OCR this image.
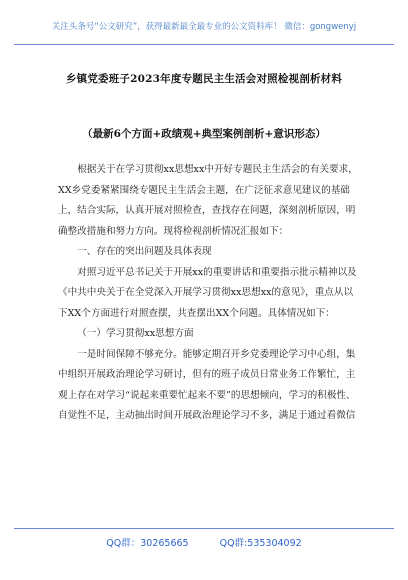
关注头条号“公文研究”，获得最新最全最专业的公文资料库！ 微信：gongwenyj
乡镇党委班子2023年度专题民主生活会对照检视剖析材料
（最新6个方面+政绩观+典型案例剖析+意识形态）

根据关于在学习贯彻xx思想xx中开好专题民主生活会的有关要求，XX乡党委紧紧围绕专题民主生活会主题，在广泛征求意见建议的基础上，结合实际，认真开展对照检查，查找存在问题，深刻剖析原因，明确整改措施和努力方向。现将检视剖析情况汇报如下：

一、存在的突出问题及具体表现

对照习近平总书记关于开展xx的重要讲话和重要指示批示精神以及《中共中央关于在全党深入开展学习贯彻xx思想xx的意见》，重点从以下XX个方面进行对照查摆，共查摆出XX个问题。具体情况如下：

（一）学习贯彻xx思想方面

一是时间保障不够充分。能够定期召开乡党委理论学习中心组，集中组织开展政治理论学习研讨，但有的班子成员日常业务工作繁忙，主观上存在对学习“说起来重要忙起来不要”的思想倾向，学习的积极性、自觉性不足，主动抽出时间开展政治理论学习不多，满足于通过看微信

QQ群：30265665	QQ群:535304092
